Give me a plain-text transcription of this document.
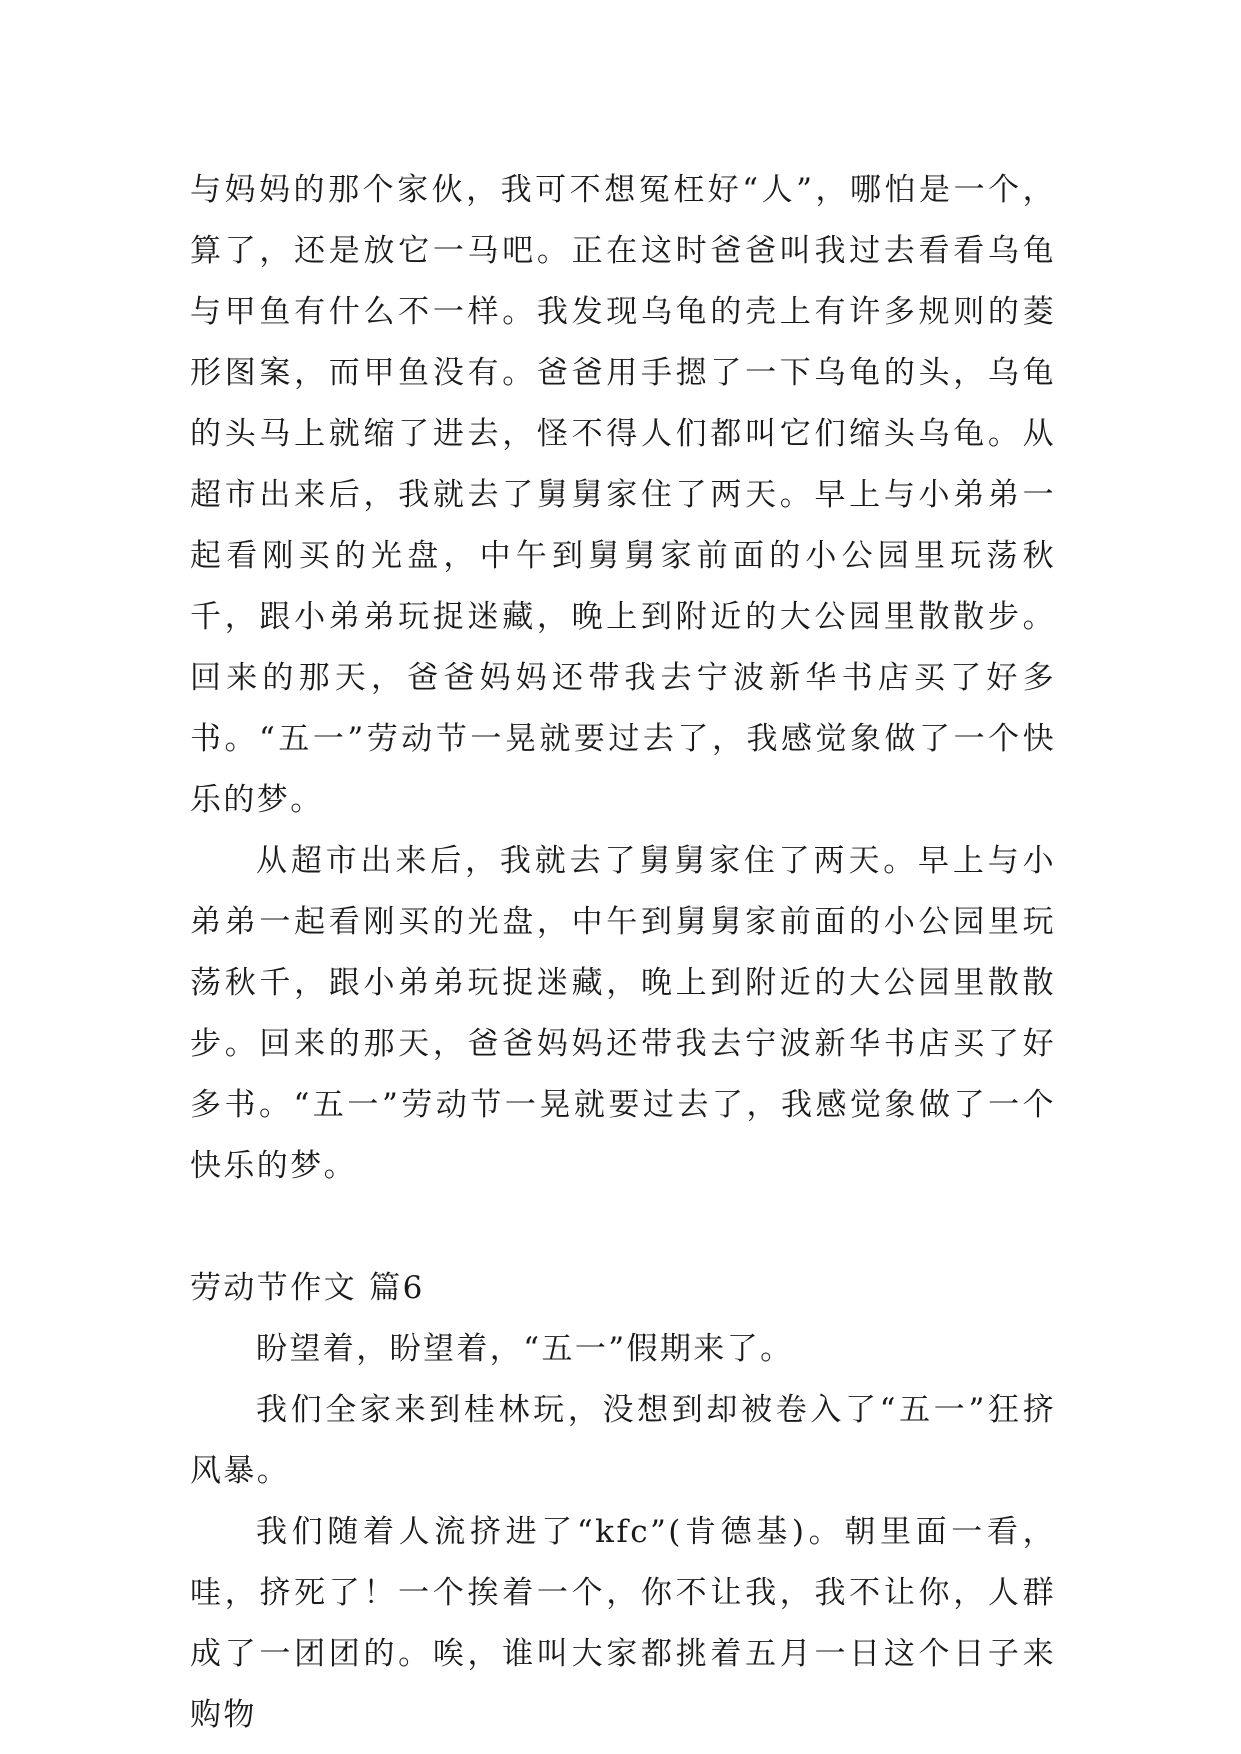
与妈妈的那个家伙，我可不想冤枉好“人”，哪怕是一个，算了，还是放它一马吧。正在这时爸爸叫我过去看看乌龟与甲鱼有什么不一样。我发现乌龟的壳上有许多规则的菱形图案，而甲鱼没有。爸爸用手摁了一下乌龟的头，乌龟的头马上就缩了进去，怪不得人们都叫它们缩头乌龟。从超市出来后，我就去了舅舅家住了两天。早上与小弟弟一起看刚买的光盘，中午到舅舅家前面的小公园里玩荡秋千，跟小弟弟玩捉迷藏，晚上到附近的大公园里散散步。回来的那天，爸爸妈妈还带我去宁波新华书店买了好多书。“五一”劳动节一晃就要过去了，我感觉象做了一个快乐的梦。

从超市出来后，我就去了舅舅家住了两天。早上与小弟弟一起看刚买的光盘，中午到舅舅家前面的小公园里玩荡秋千，跟小弟弟玩捉迷藏，晚上到附近的大公园里散散步。回来的那天，爸爸妈妈还带我去宁波新华书店买了好多书。“五一”劳动节一晃就要过去了，我感觉象做了一个快乐的梦。

劳动节作文 篇6

盼望着，盼望着，“五一”假期来了。

我们全家来到桂林玩，没想到却被卷入了“五一”狂挤风暴。

我们随着人流挤进了“kfc”(肯德基)。朝里面一看，哇，挤死了！一个挨着一个，你不让我，我不让你，人群成了一团团的。唉，谁叫大家都挑着五月一日这个日子来购物
